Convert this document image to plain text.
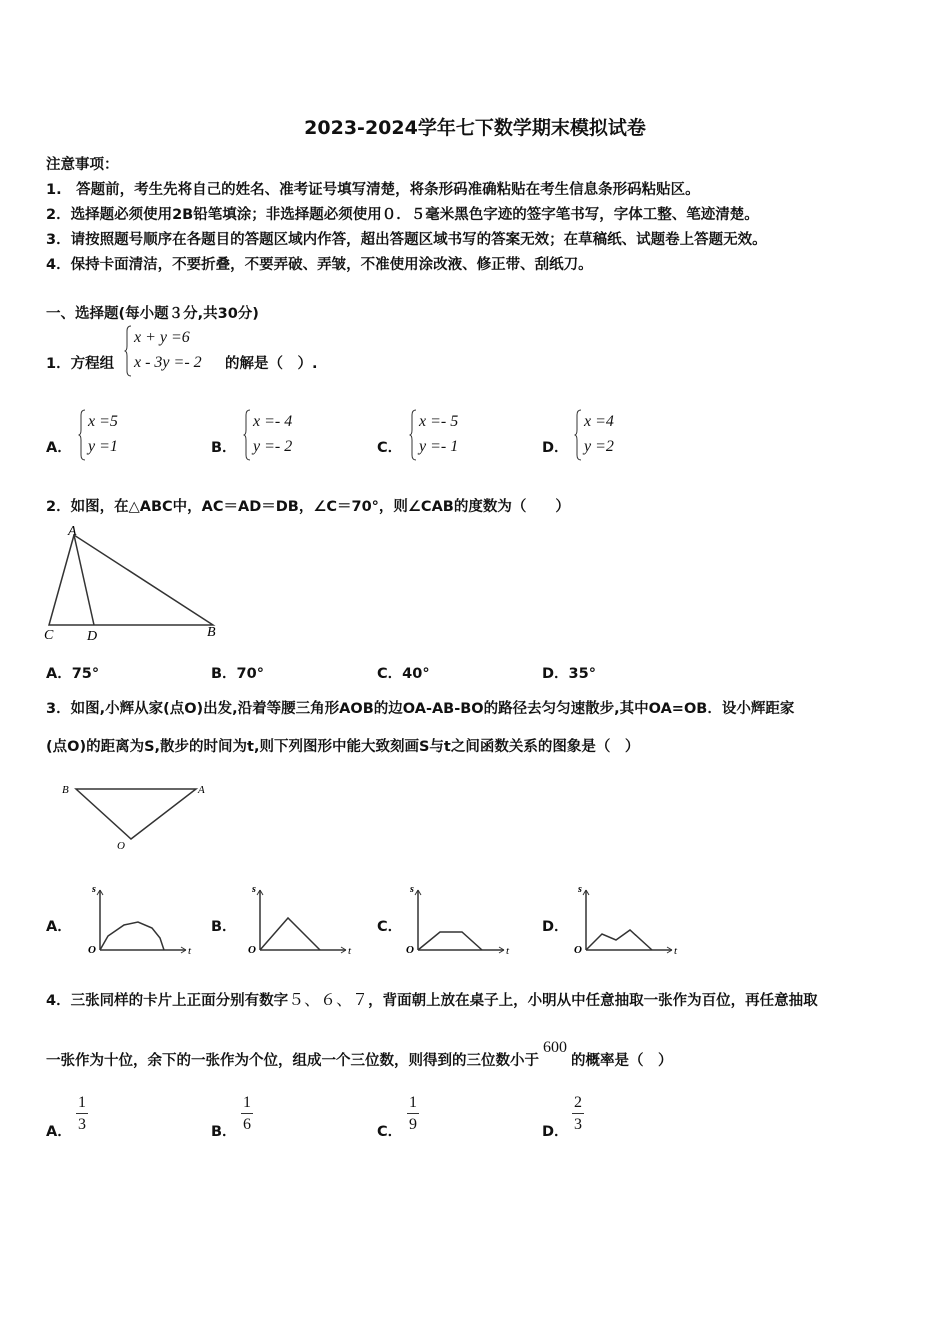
2023-2024学年七下数学期末模拟试卷
注意事项：
1.　答题前，考生先将自己的姓名、准考证号填写清楚，将条形码准确粘贴在考生信息条形码粘贴区。
2．选择题必须使用2B铅笔填涂；非选择题必须使用０．５毫米黑色字迹的签字笔书写，字体工整、笔迹清楚。
3．请按照题号顺序在各题目的答题区域内作答，超出答题区域书写的答案无效；在草稿纸、试题卷上答题无效。
4．保持卡面清洁，不要折叠，不要弄破、弄皱，不准使用涂改液、修正带、刮纸刀。
一、选择题(每小题３分,共30分)
1．方程组
x + y =6
x - 3y =- 2 的解是（　）.
A．
x =5
y =1	B．
x =- 4
y =- 2	C．
x =- 5
y =- 1	D．
x =4
y =2
2．如图，在△ABC中，AC＝AD＝DB，∠C＝70°，则∠CAB的度数为（　　）
A
C D	B
A．75°	B．70°	C．40°	D．35°
3．如图,小辉从家(点O)出发,沿着等腰三角形AOB的边OA-AB-BO的路径去匀匀速散步,其中OA=OB．设小辉距家
(点O)的距离为S,散步的时间为t,则下列图形中能大致刻画S与t之间函数关系的图象是（　）
B	A
O
A．
s
O	t
B．
s
O	t
C．
s
O	t
D．
s
O	t
4．三张同样的卡片上正面分别有数字５、６、７，背面朝上放在桌子上，小明从中任意抽取一张作为百位，再任意抽取
一张作为十位，余下的一张作为个位，组成一个三位数，则得到的三位数小于600的概率是（　）
A． $\frac{1}{3}$	B． $\frac{1}{6}$	C． $\frac{1}{9}$	D． $\frac{2}{3}$
